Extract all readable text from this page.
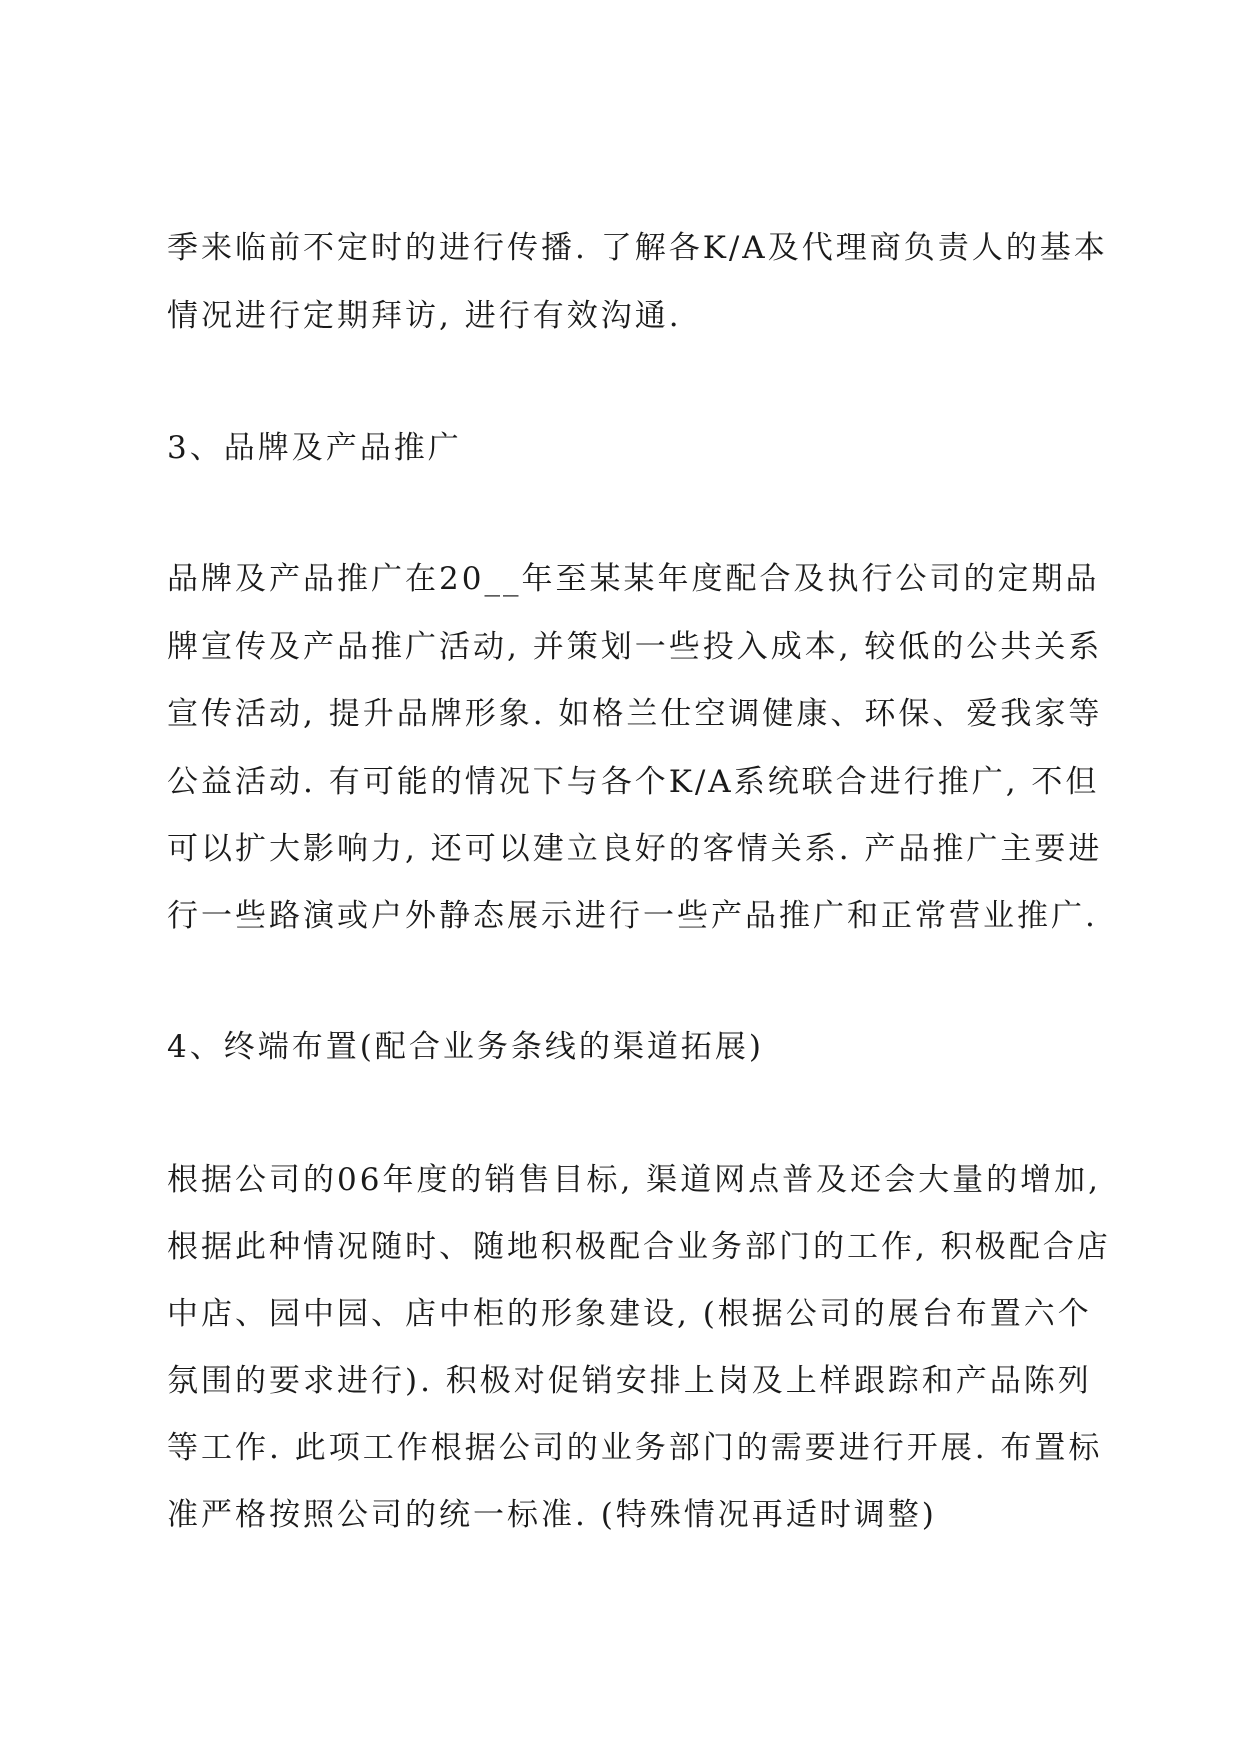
季来临前不定时的进行传播. 了解各K/A及代理商负责人的基本
情况进行定期拜访, 进行有效沟通.
3、品牌及产品推广
品牌及产品推广在20__年至某某年度配合及执行公司的定期品
牌宣传及产品推广活动, 并策划一些投入成本, 较低的公共关系
宣传活动, 提升品牌形象. 如格兰仕空调健康、环保、爱我家等
公益活动. 有可能的情况下与各个K/A系统联合进行推广, 不但
可以扩大影响力, 还可以建立良好的客情关系. 产品推广主要进
行一些路演或户外静态展示进行一些产品推广和正常营业推广.
4、终端布置(配合业务条线的渠道拓展)
根据公司的06年度的销售目标, 渠道网点普及还会大量的增加,
根据此种情况随时、随地积极配合业务部门的工作, 积极配合店
中店、园中园、店中柜的形象建设, (根据公司的展台布置六个
氛围的要求进行). 积极对促销安排上岗及上样跟踪和产品陈列
等工作. 此项工作根据公司的业务部门的需要进行开展. 布置标
准严格按照公司的统一标准. (特殊情况再适时调整)
